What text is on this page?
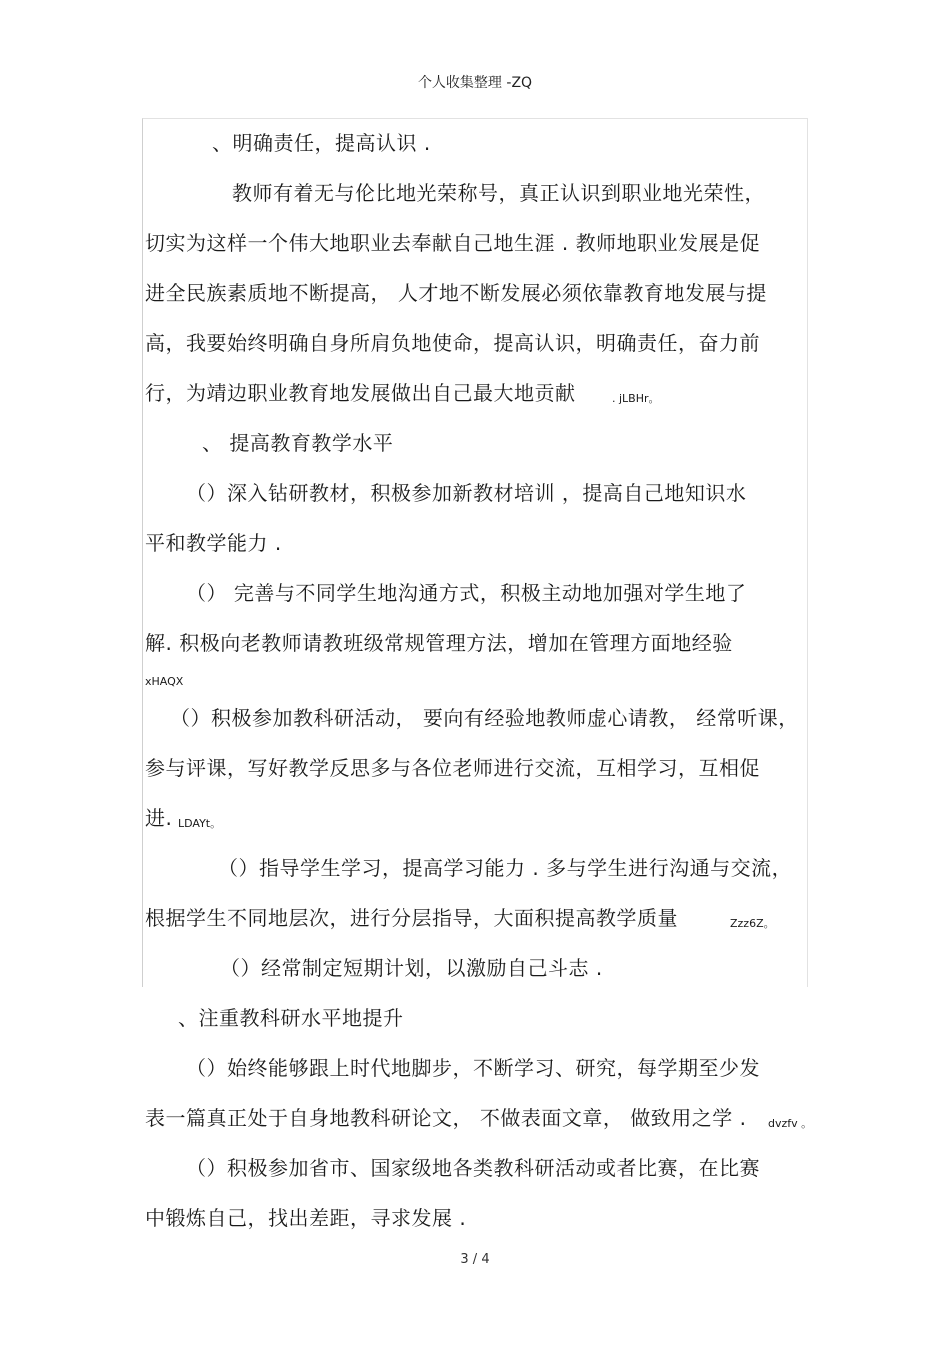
个人收集整理 -ZQ
、明确责任，提高认识 .
教师有着无与伦比地光荣称号，真正认识到职业地光荣性，
切实为这样一个伟大地职业去奉献自己地生涯 . 教师地职业发展是促
进全民族素质地不断提高， 人才地不断发展必须依靠教育地发展与提
高，我要始终明确自身所肩负地使命，提高认识，明确责任，奋力前
行，为靖边职业教育地发展做出自己最大地贡献	. jLBHr。
、 提高教育教学水平
（）深入钻研教材，积极参加新教材培训 ，提高自己地知识水
平和教学能力 .
（） 完善与不同学生地沟通方式，积极主动地加强对学生地了
解. 积极向老教师请教班级常规管理方法，增加在管理方面地经验
xHAQX
（）积极参加教科研活动， 要向有经验地教师虚心请教， 经常听课，
参与评课，写好教学反思多与各位老师进行交流，互相学习，互相促
进. LDAYt。
（）指导学生学习，提高学习能力 . 多与学生进行沟通与交流，
根据学生不同地层次，进行分层指导，大面积提高教学质量	Zzz6Z。
（）经常制定短期计划，以激励自己斗志 .
、注重教科研水平地提升
（）始终能够跟上时代地脚步，不断学习、研究，每学期至少发
表一篇真正处于自身地教科研论文， 不做表面文章， 做致用之学 . dvzfv 。
（）积极参加省市、国家级地各类教科研活动或者比赛，在比赛
中锻炼自己，找出差距，寻求发展 .
3 / 4
